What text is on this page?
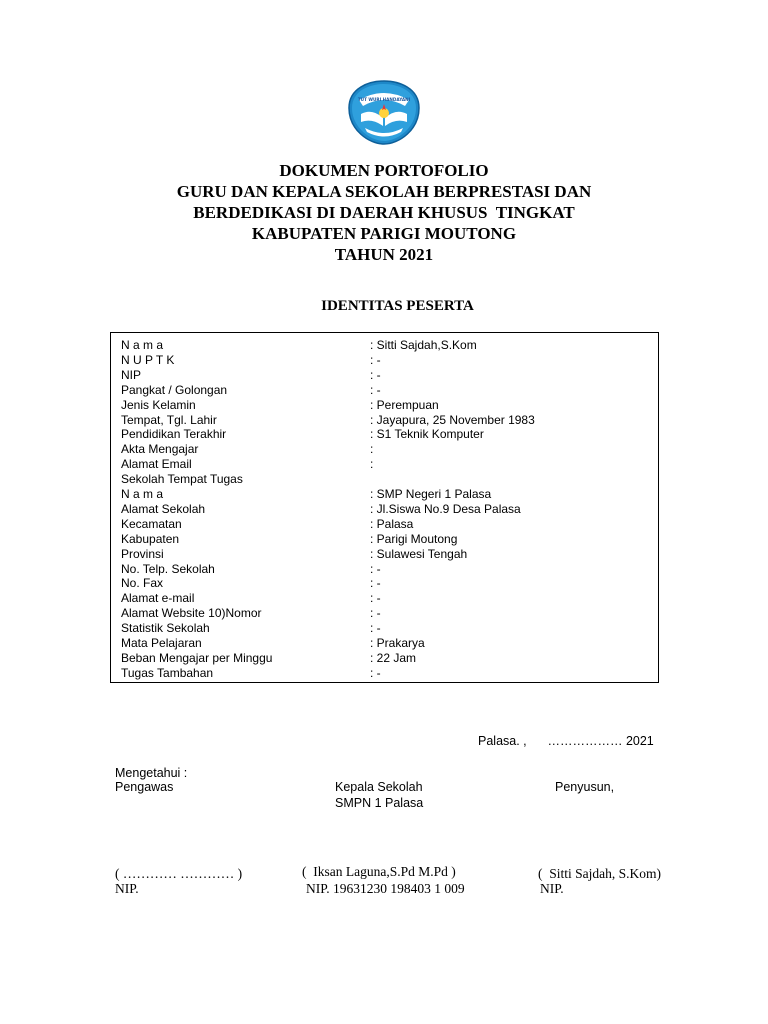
TUT WURI HANDAYANI
DOKUMEN PORTOFOLIO
GURU DAN KEPALA SEKOLAH BERPRESTASI DAN
BERDEDIKASI DI DAERAH KHUSUS  TINGKAT
KABUPATEN PARIGI MOUTONG
TAHUN 2021
IDENTITAS PESERTA
N a m a	: Sitti Sajdah,S.Kom
N U P T K	: -
NIP	: -
Pangkat / Golongan	: -
Jenis Kelamin	: Perempuan
Tempat, Tgl. Lahir	: Jayapura, 25 November 1983
Pendidikan Terakhir	: S1 Teknik Komputer
Akta Mengajar	:
Alamat Email	:
Sekolah Tempat Tugas
N a m a	: SMP Negeri 1 Palasa
Alamat Sekolah	: Jl.Siswa No.9 Desa Palasa
Kecamatan	: Palasa
Kabupaten	: Parigi Moutong
Provinsi	: Sulawesi Tengah
No. Telp. Sekolah	: -
No. Fax	: -
Alamat e-mail	: -
Alamat Website 10)Nomor	: -
Statistik Sekolah	: -
Mata Pelajaran	: Prakarya
Beban Mengajar per Minggu	: 22 Jam
Tugas Tambahan	: -
Palasa. ,      ……………… 2021
Mengetahui :
Pengawas	Kepala Sekolah	Penyusun,
SMPN 1 Palasa
( ………… ………… )	(  Iksan Laguna,S.Pd M.Pd )	(  Sitti Sajdah, S.Kom)
NIP.	NIP. 19631230 198403 1 009	NIP.
